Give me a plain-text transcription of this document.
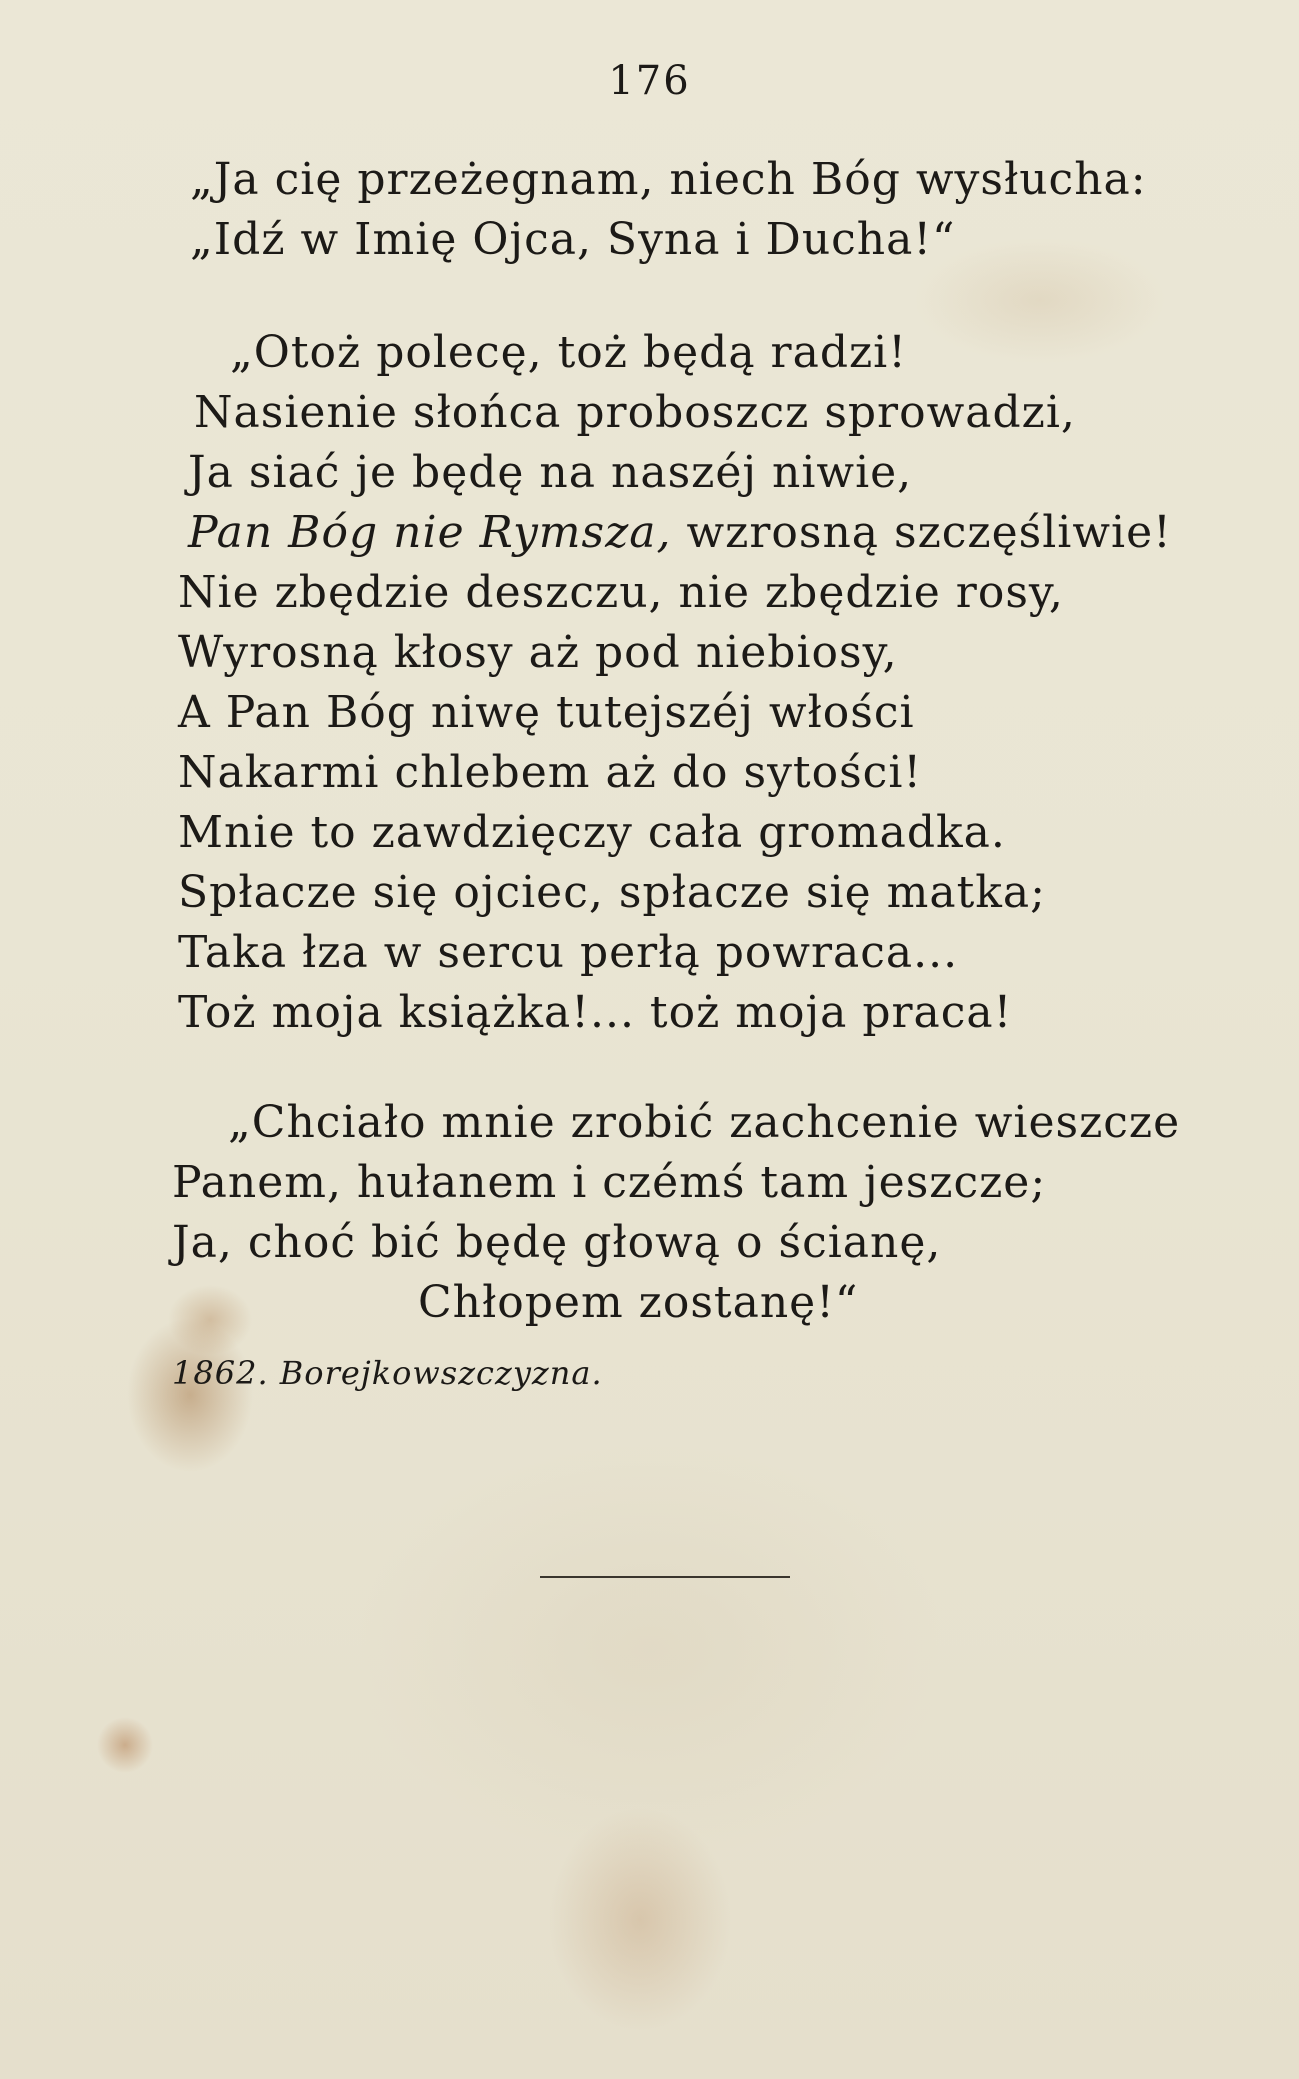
176
„Ja cię przeżegnam, niech Bóg wysłucha:
„Idź w Imię Ojca, Syna i Ducha!“
„Otoż polecę, toż będą radzi!
Nasienie słońca proboszcz sprowadzi,
Ja siać je będę na naszéj niwie,
Pan Bóg nie Rymsza, wzrosną szczęśliwie!
Nie zbędzie deszczu, nie zbędzie rosy,
Wyrosną kłosy aż pod niebiosy,
A Pan Bóg niwę tutejszéj włości
Nakarmi chlebem aż do sytości!
Mnie to zawdzięczy cała gromadka.
Spłacze się ojciec, spłacze się matka;
Taka łza w sercu perłą powraca...
Toż moja książka!... toż moja praca!
„Chciało mnie zrobić zachcenie wieszcze
Panem, hułanem i czémś tam jeszcze;
Ja, choć bić będę głową o ścianę,
Chłopem zostanę!“
1862. Borejkowszczyzna.
